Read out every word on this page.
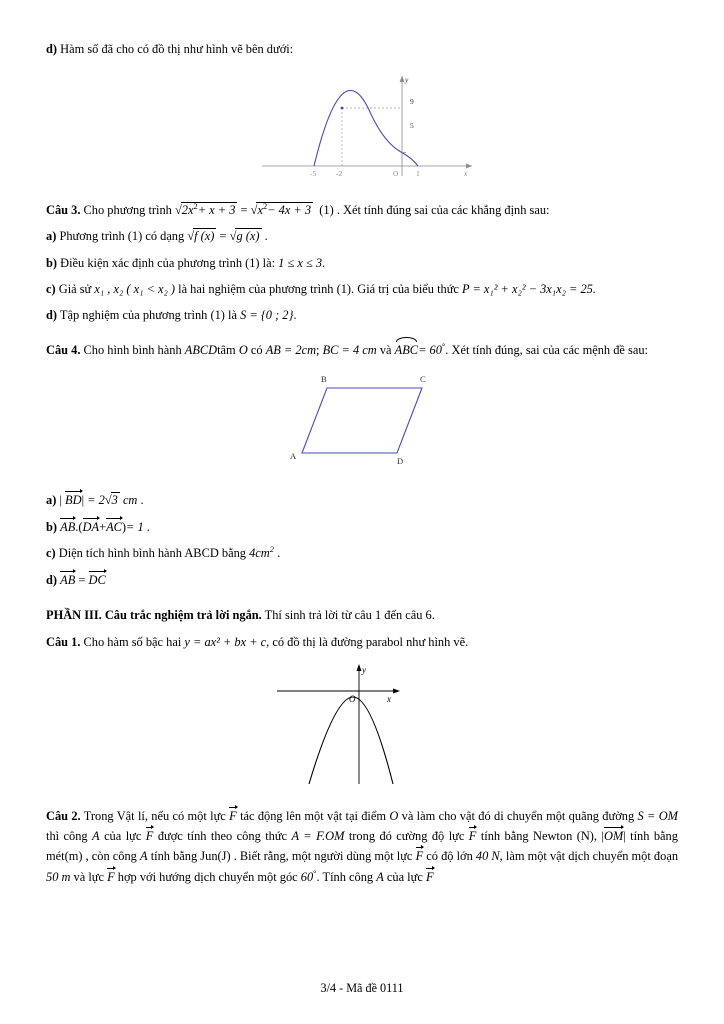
d) Hàm số đã cho có đồ thị như hình vẽ bên dưới:

-5	-2	O 1
9
5
y
x

Câu 3. Cho phương trình $√2x^2+ x + 3 = √x^2- 4x + 3$ (1) . Xét tính đúng sai của các khẳng định sau:

a) Phương trình (1) có dạng √f (x) = √g (x) .

b) Điều kiện xác định của phương trình (1) là: 1 ≤ x ≤ 3.

c) Giả sử x₁ , x₂ ( x₁ < x₂ ) là hai nghiệm của phương trình (1). Giá trị của biểu thức P = x₁² + x₂² − 3x₁x₂ = 25.

d) Tập nghiệm của phương trình (1) là S = {0 ; 2}.

Câu 4. Cho hình bình hành ABCDtâm O có AB = 2cm; BC = 4 cm và ABC= 60°. Xét tính đúng, sai của các mệnh đề sau:

B	C
A	D

a) | BD| = 2√3 cm .

b) AB.(
DA+
AC)= 1 .

c) Diện tích hình bình hành ABCD bằng $4cm^2$ .

d) AB = DC

PHẦN III. Câu trắc nghiệm trả lời ngắn. Thí sinh trả lời từ câu 1 đến câu 6.

Câu 1. Cho hàm số bậc hai y = ax² + bx + c, có đồ thị là đường parabol như hình vẽ.

O
y
x

Câu 2. Trong Vật lí, nếu có một lực F tác động lên một vật tại điểm O và làm cho vật đó di chuyển một quãng đường S = OM thì công A của lực F được tính theo công thức A = F.OM trong đó cường độ lực F tính bằng Newton (N), |
OM| tính bằng mét(m) , còn công A tính bằng Jun(J) . Biết rằng, một người dùng một lực F có độ lớn 40 N, làm một vật dịch chuyển một đoạn 50 m và lực F hợp với hướng dịch chuyển một góc 60°. Tính công A của lực F

3/4 - Mã đề 0111
